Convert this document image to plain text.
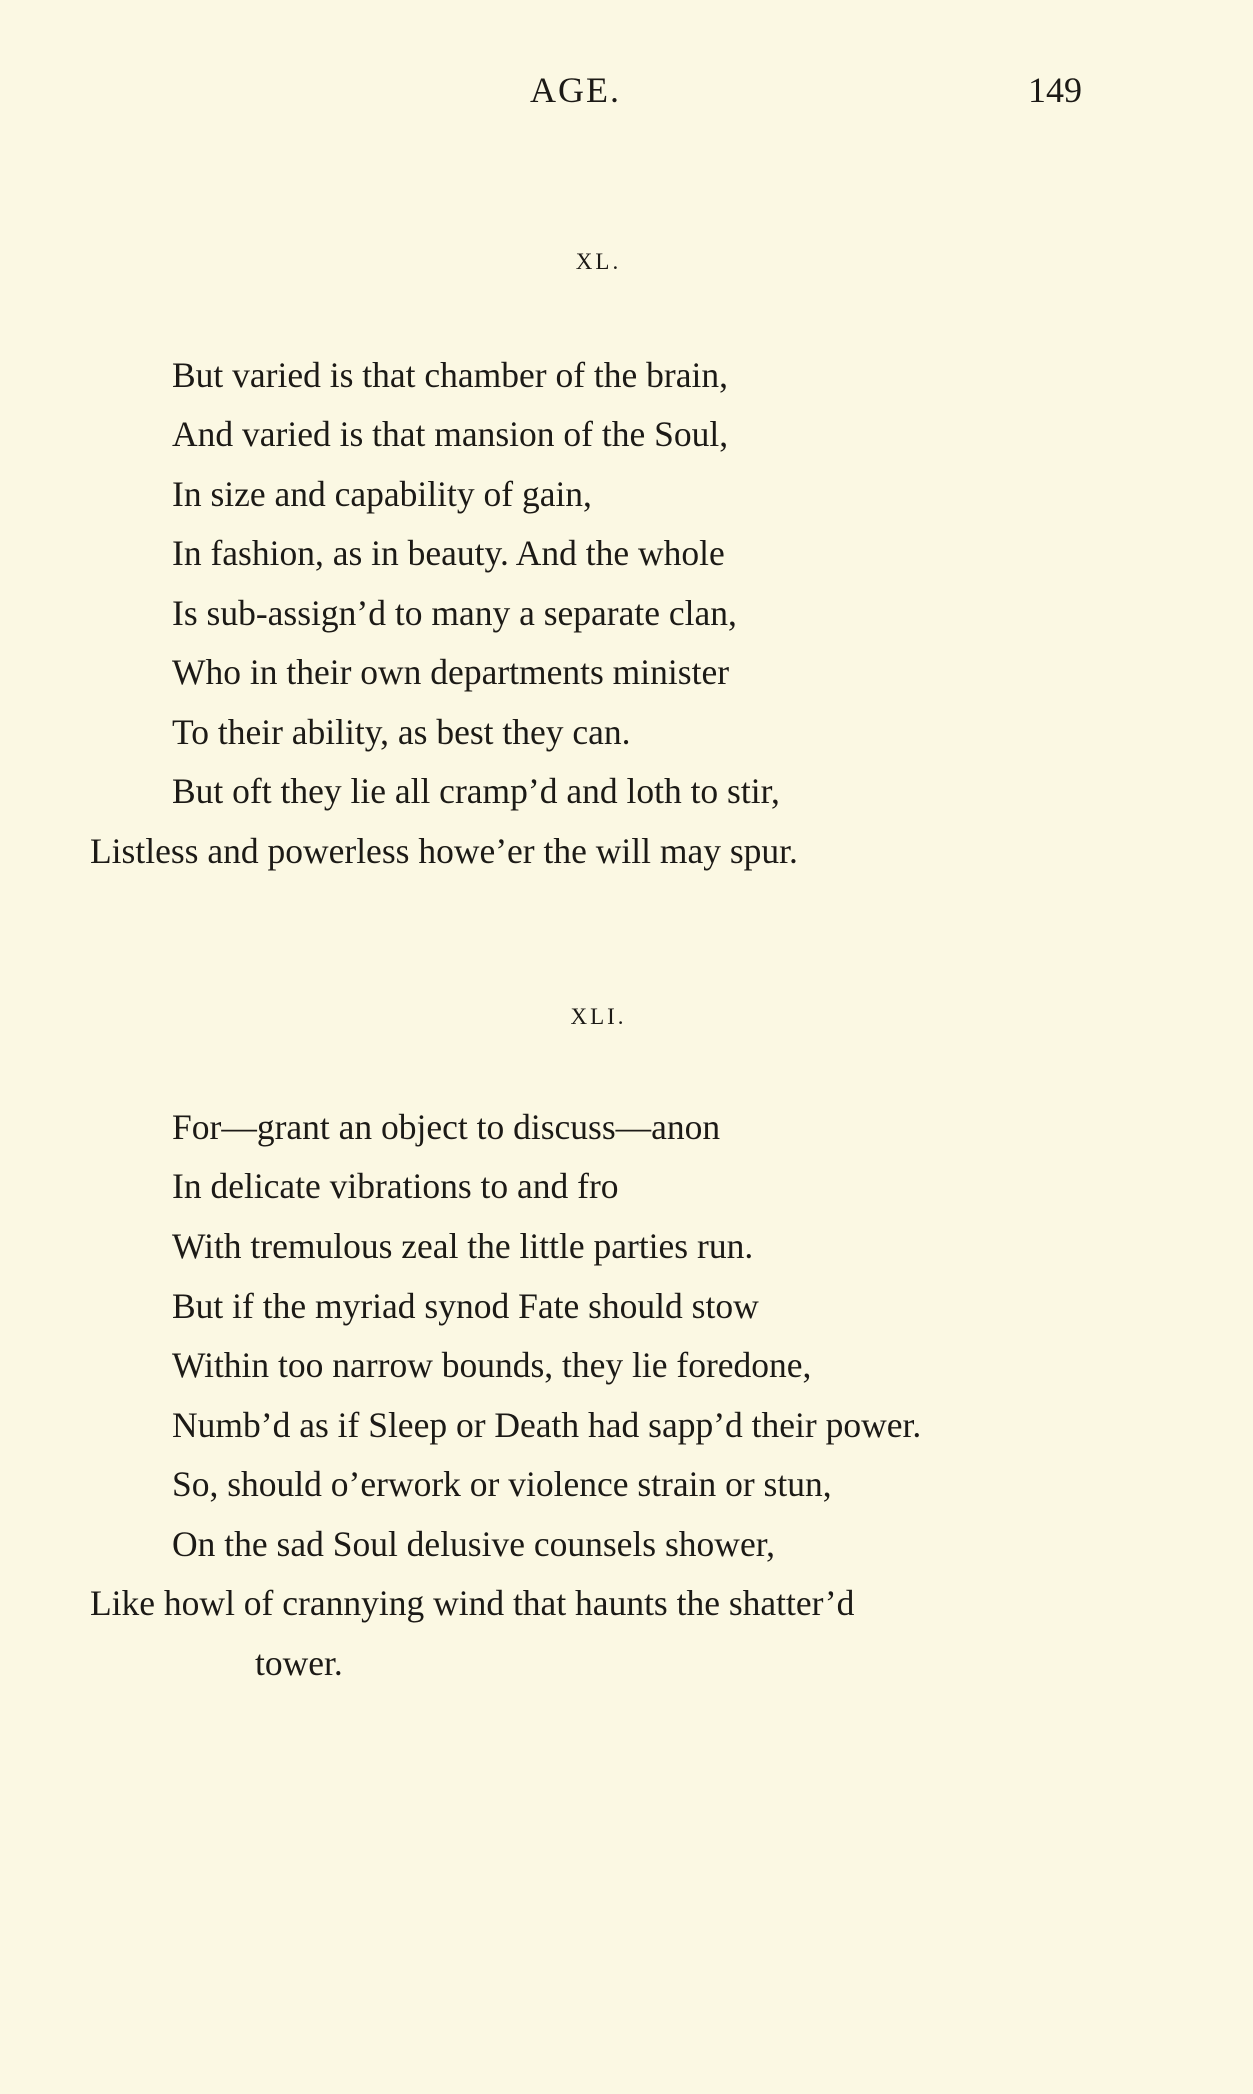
AGE.	149
XL.
But varied is that chamber of the brain,
And varied is that mansion of the Soul,
In size and capability of gain,
In fashion, as in beauty. And the whole
Is sub-assign’d to many a separate clan,
Who in their own departments minister
To their ability, as best they can.
But oft they lie all cramp’d and loth to stir,
Listless and powerless howe’er the will may spur.
XLI.
For—grant an object to discuss—anon
In delicate vibrations to and fro
With tremulous zeal the little parties run.
But if the myriad synod Fate should stow
Within too narrow bounds, they lie foredone,
Numb’d as if Sleep or Death had sapp’d their power.
So, should o’erwork or violence strain or stun,
On the sad Soul delusive counsels shower,
Like howl of crannying wind that haunts the shatter’d
tower.
